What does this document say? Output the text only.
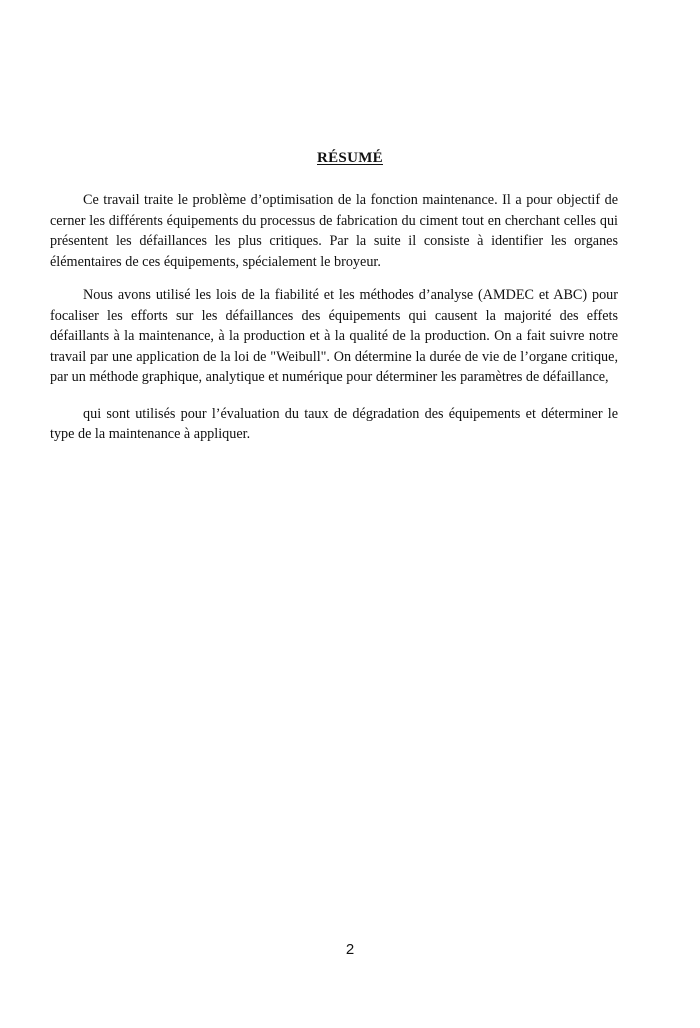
RÉSUMÉ

Ce travail traite le problème d’optimisation de la fonction maintenance. Il a pour objectif de cerner les différents équipements du processus de fabrication du ciment tout en cherchant celles qui présentent les défaillances les plus critiques. Par la suite il consiste à identifier les organes élémentaires de ces équipements, spécialement le broyeur.

Nous avons utilisé les lois de la fiabilité et les méthodes d’analyse (AMDEC et ABC) pour focaliser les efforts sur les défaillances des équipements qui causent la majorité des effets défaillants à la maintenance, à la production et à la qualité de la production. On a fait suivre notre travail par une application de la loi de "Weibull". On détermine la durée de vie de l’organe critique, par un méthode graphique, analytique et numérique pour déterminer les paramètres de défaillance,

qui sont utilisés pour l’évaluation du taux de dégradation des équipements et déterminer le type de la maintenance à appliquer.

2
